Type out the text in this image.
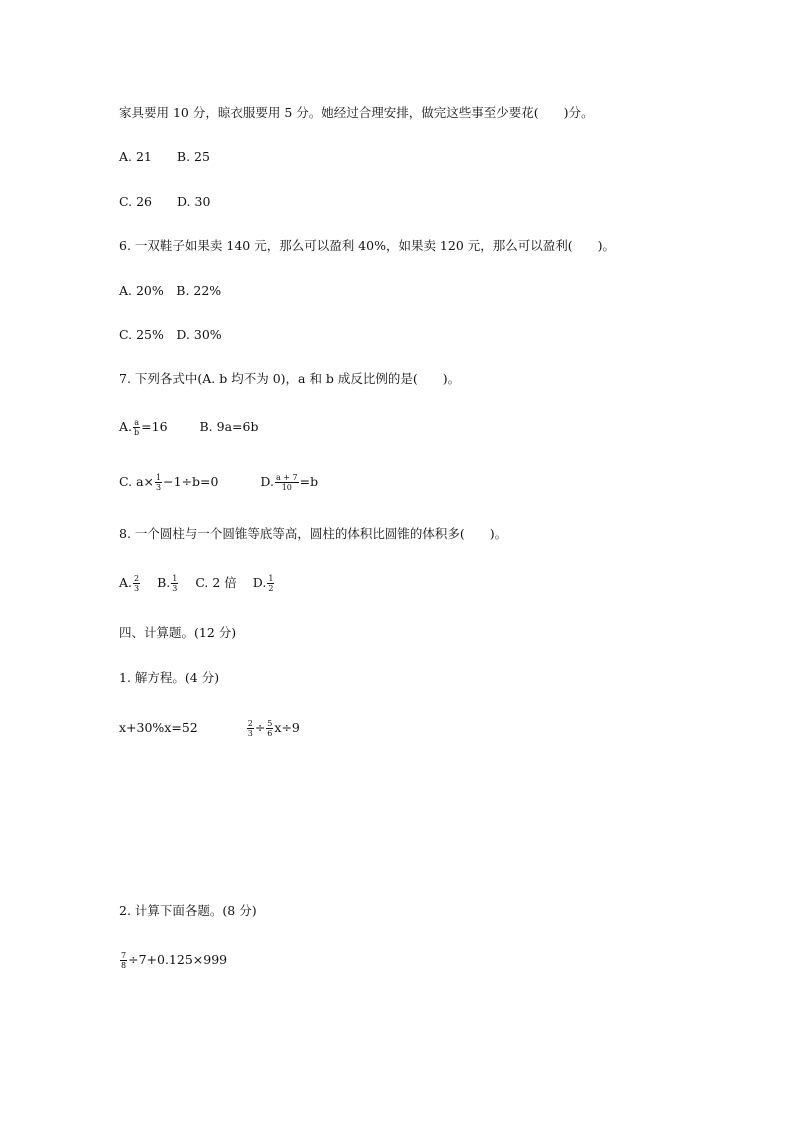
家具要用 10 分，晾衣服要用 5 分。她经过合理安排，做完这些事至少要花(　　)分。
A. 21　　B. 25
C. 26　　D. 30
6. 一双鞋子如果卖 140 元，那么可以盈利 40%，如果卖 120 元，那么可以盈利(　　)。
A. 20%　B. 22%
C. 25%　D. 30%
7. 下列各式中(A. b 均不为 0)，a 和 b 成反比例的是(　　)。
A. $\frac{a}{b} =16$	B. 9a=6b
C. $a\times \frac{1}{3} -1\div b=0$	D. $\frac{a + 7}{10} =b$
8. 一个圆柱与一个圆锥等底等高，圆柱的体积比圆锥的体积多(　　)。
A. $\frac{2}{3} B$. $\frac{1}{3} C$. 2 倍 D. $\frac{1}{2}$
四、计算题。(12 分)
1. 解方程。(4 分)
x+30%x=52	$\frac{2}{3} \div \frac{5}{6} x\div 9$
2. 计算下面各题。(8 分)
$\frac{7}{8} \div 7+0.125\times 999$
